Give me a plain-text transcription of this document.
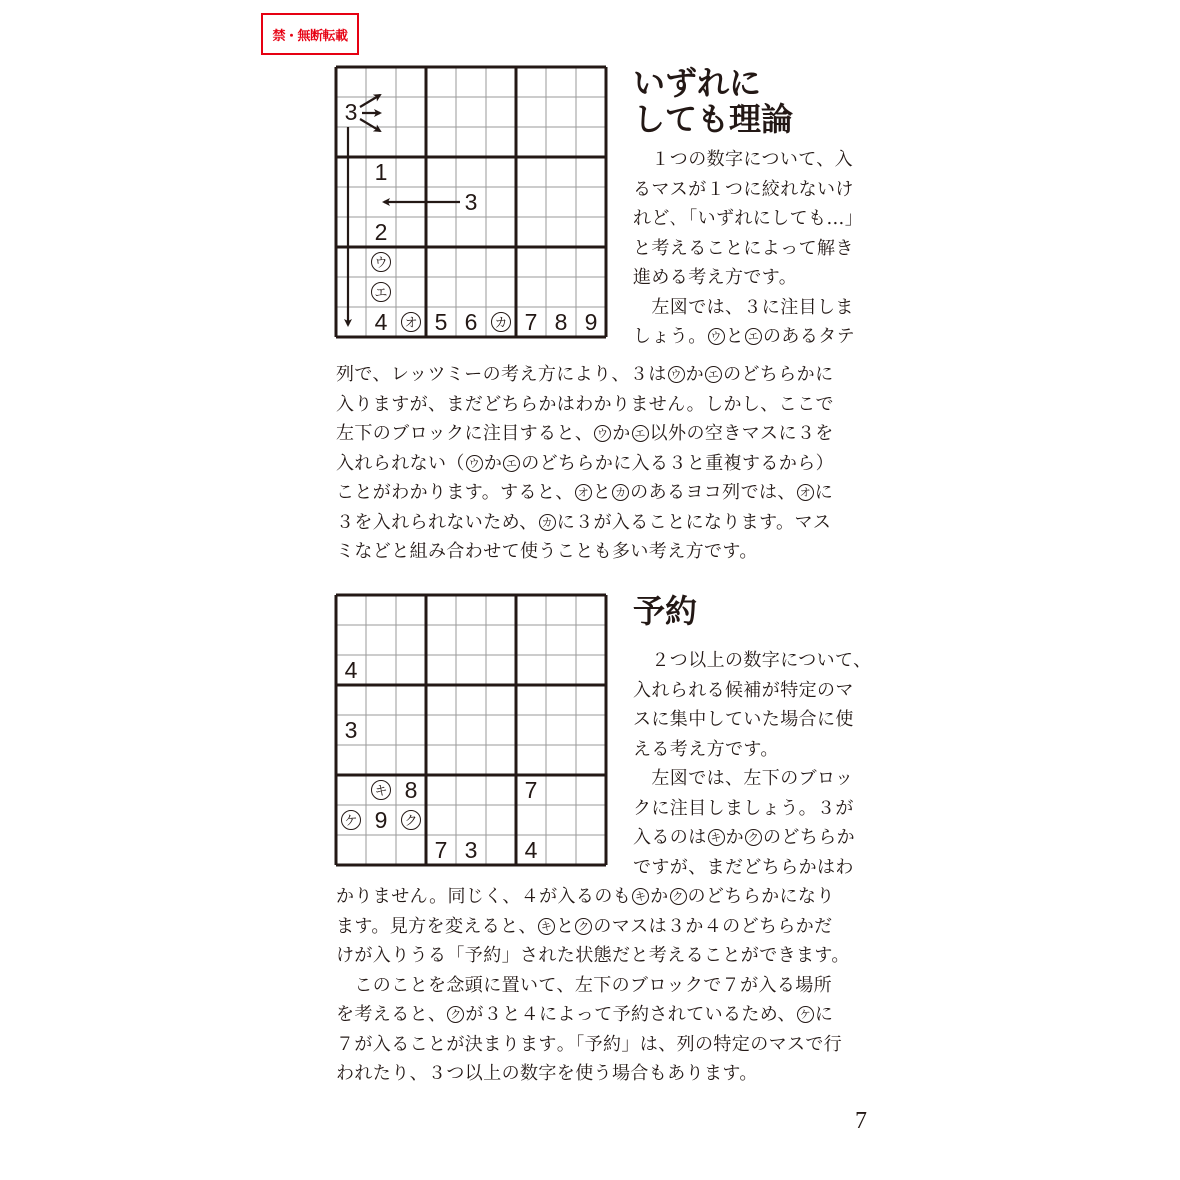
禁・無断転載
3
1
3
2
ウ
エ
4	オ 5 6	カ 7 8 9
いずれに
しても理論
　１つの数字について、入
るマスが１つに絞れないけ
れど､「いずれにしても…」
と考えることによって解き
進める考え方です。
　左図では、３に注目しま
しょう。 ウ と エ のあるタテ
列で、レッツミーの考え方により、３は ウ か エ のどちらかに
入りますが、まだどちらかはわかりません。しかし、ここで
左下のブロックに注目すると、 ウ か エ 以外の空きマスに３を
入れられない（ ウ か エ のどちらかに入る３と重複するから）
ことがわかります。すると、 オ と カ のあるヨコ列では、 オ に
３を入れられないため、 カ に３が入ることになります。マス
ミなどと組み合わせて使うことも多い考え方です。
4
3
キ 8	7
ケ 9	ク
7 3	4
予約
　２つ以上の数字について、
入れられる候補が特定のマ
スに集中していた場合に使
える考え方です。
　左図では、左下のブロッ
クに注目しましょう。３が
入るのは キ か ク のどちらか
ですが、まだどちらかはわ
かりません。同じく、４が入るのも キ か ク のどちらかになり
ます。見方を変えると、 キ と ク のマスは３か４のどちらかだ
けが入りうる「予約」された状態だと考えることができます。
　このことを念頭に置いて、左下のブロックで７が入る場所
を考えると、 ク が３と４によって予約されているため、 ケ に
７が入ることが決まります｡「予約」は、列の特定のマスで行
われたり、３つ以上の数字を使う場合もあります。
7
